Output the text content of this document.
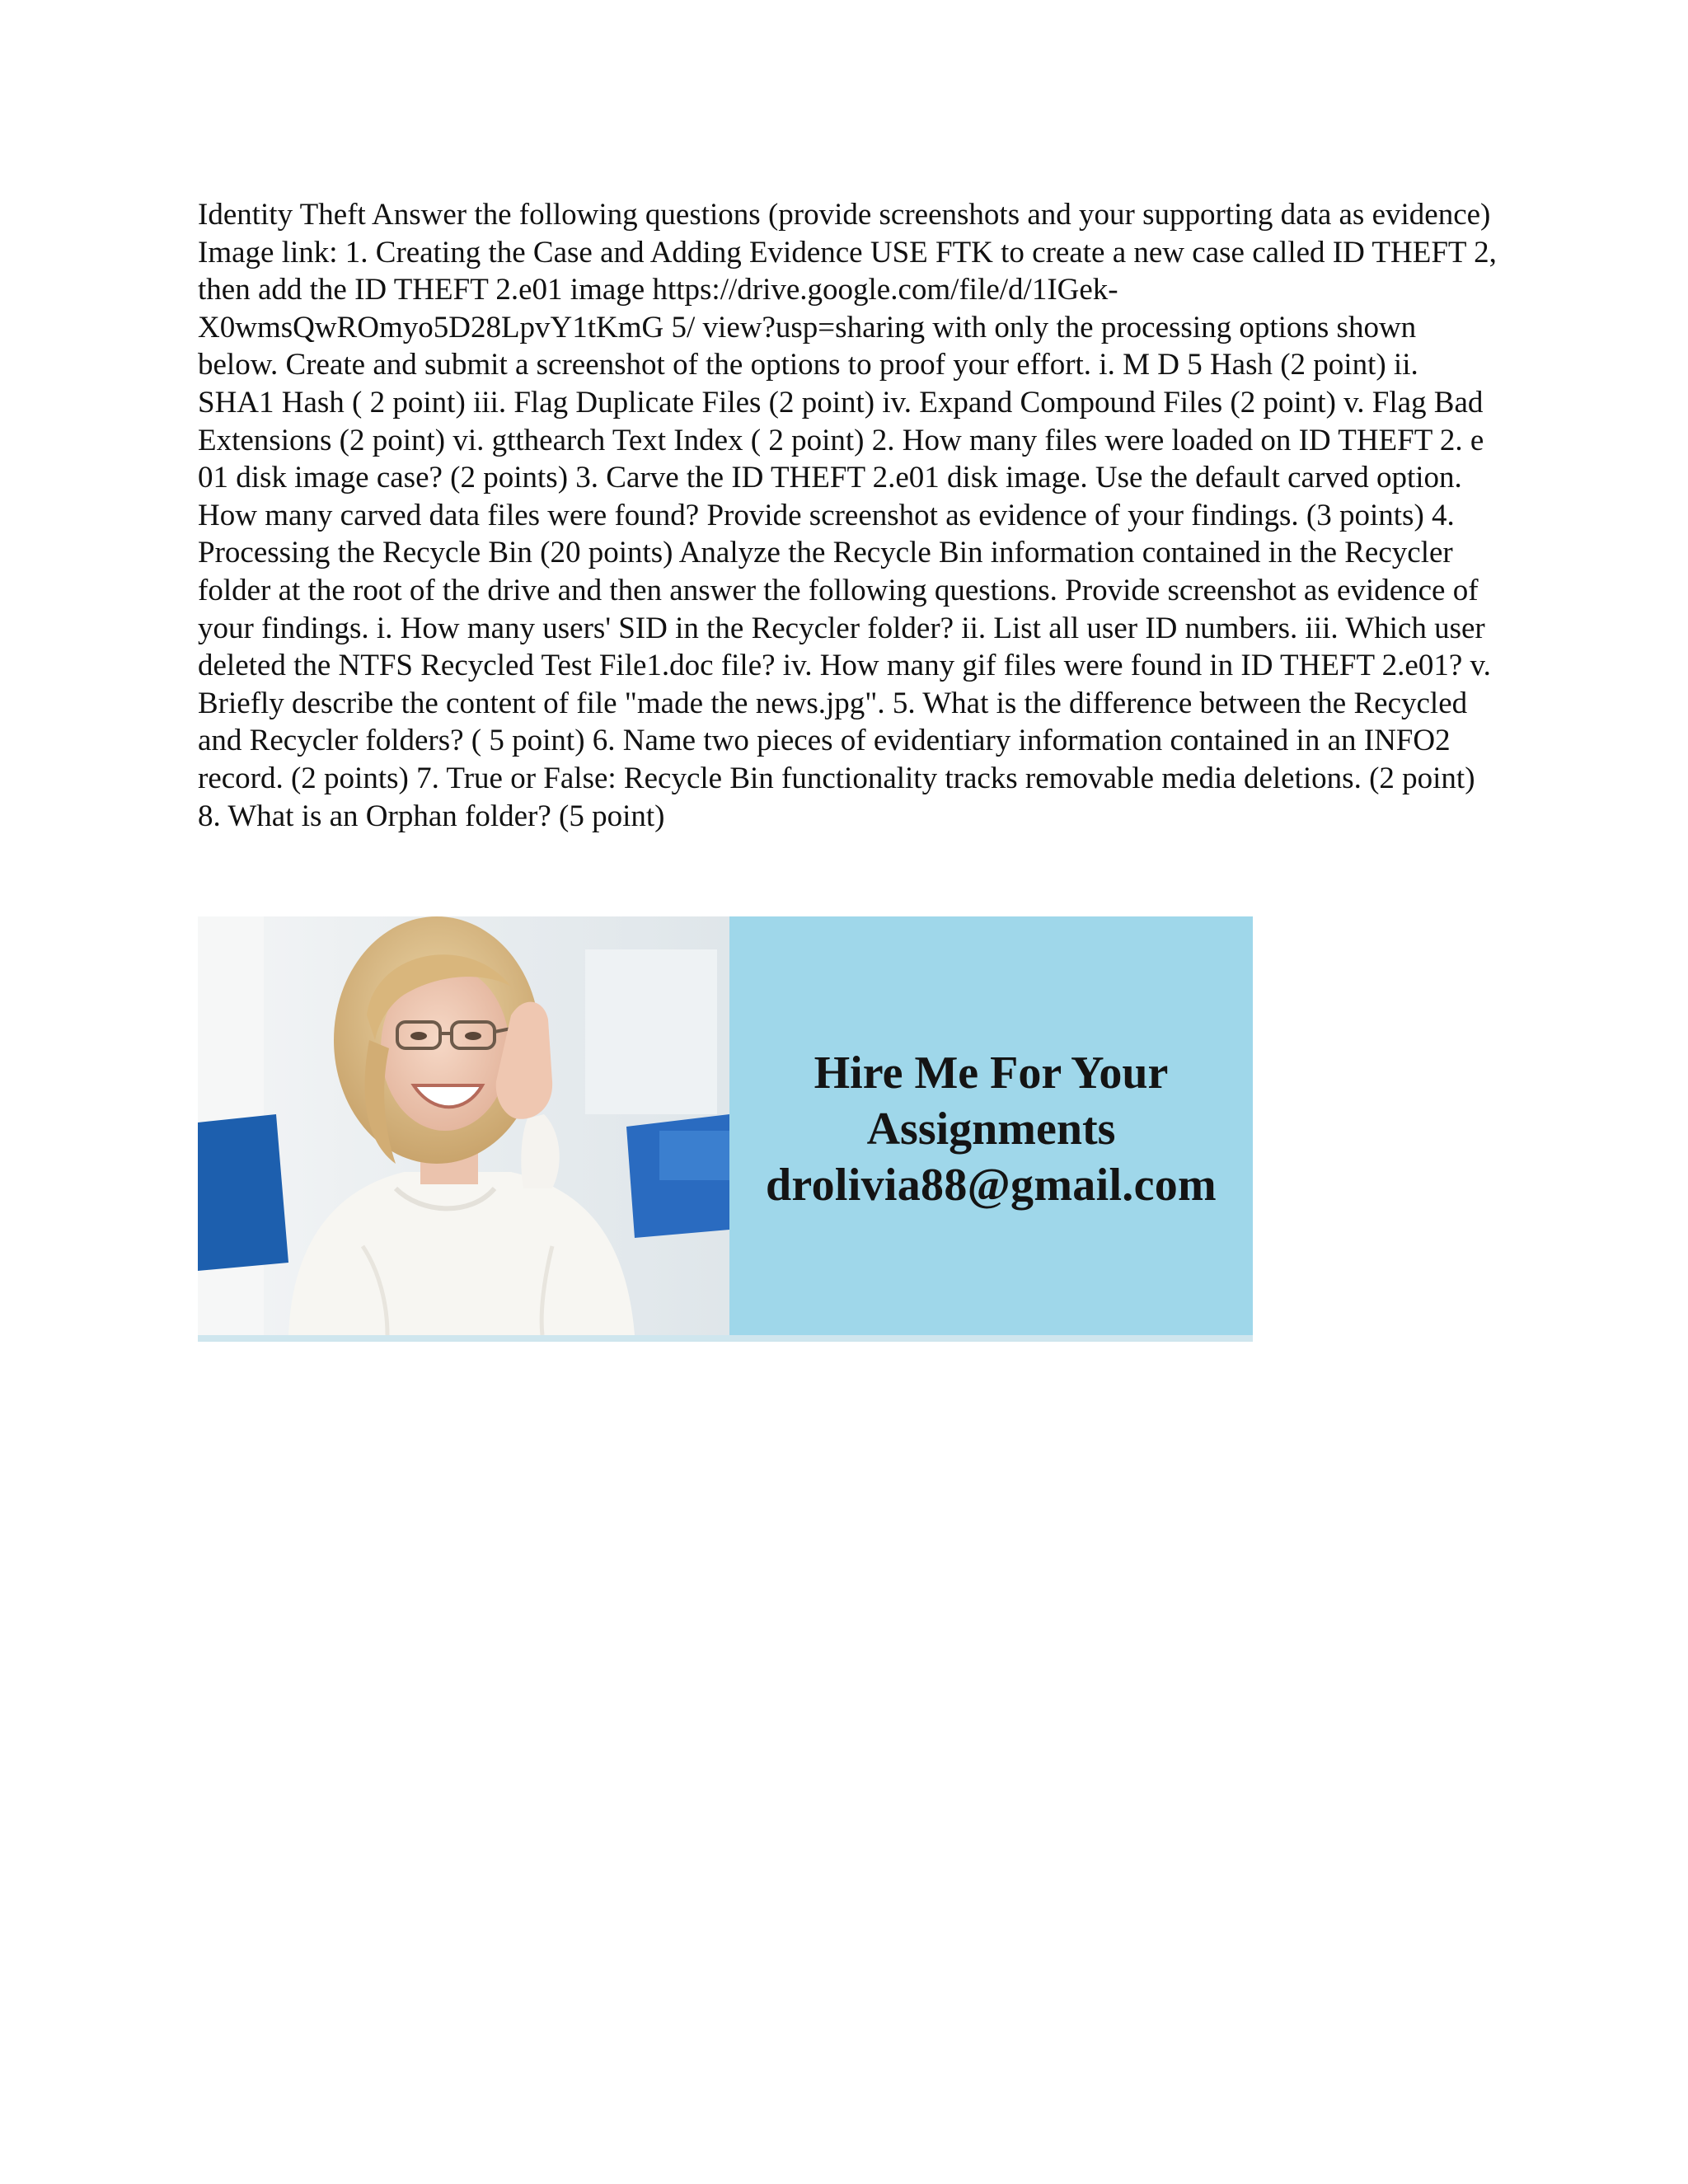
Identity Theft Answer the following questions (provide screenshots and your supporting data as evidence) Image link: 1. Creating the Case and Adding Evidence USE FTK to create a new case called ID THEFT 2, then add the ID THEFT 2.e01 image https://drive.google.com/file/d/1IGek-X0wmsQwROmyo5D28LpvY1tKmG 5/ view?usp=sharing with only the processing options shown below. Create and submit a screenshot of the options to proof your effort. i. M D 5 Hash (2 point) ii. SHA1 Hash ( 2 point) iii. Flag Duplicate Files (2 point) iv. Expand Compound Files (2 point) v. Flag Bad Extensions (2 point) vi. gtthearch Text Index ( 2 point) 2. How many files were loaded on ID THEFT 2. e 01 disk image case? (2 points) 3. Carve the ID THEFT 2.e01 disk image. Use the default carved option. How many carved data files were found? Provide screenshot as evidence of your findings. (3 points) 4. Processing the Recycle Bin (20 points) Analyze the Recycle Bin information contained in the Recycler folder at the root of the drive and then answer the following questions. Provide screenshot as evidence of your findings. i. How many users' SID in the Recycler folder? ii. List all user ID numbers. iii. Which user deleted the NTFS Recycled Test File1.doc file? iv. How many gif files were found in ID THEFT 2.e01? v. Briefly describe the content of file "made the news.jpg". 5. What is the difference between the Recycled and Recycler folders? ( 5 point) 6. Name two pieces of evidentiary information contained in an INFO2 record. (2 points) 7. True or False: Recycle Bin functionality tracks removable media deletions. (2 point) 8. What is an Orphan folder? (5 point)

Hire Me For Your
Assignments
drolivia88@gmail.com
